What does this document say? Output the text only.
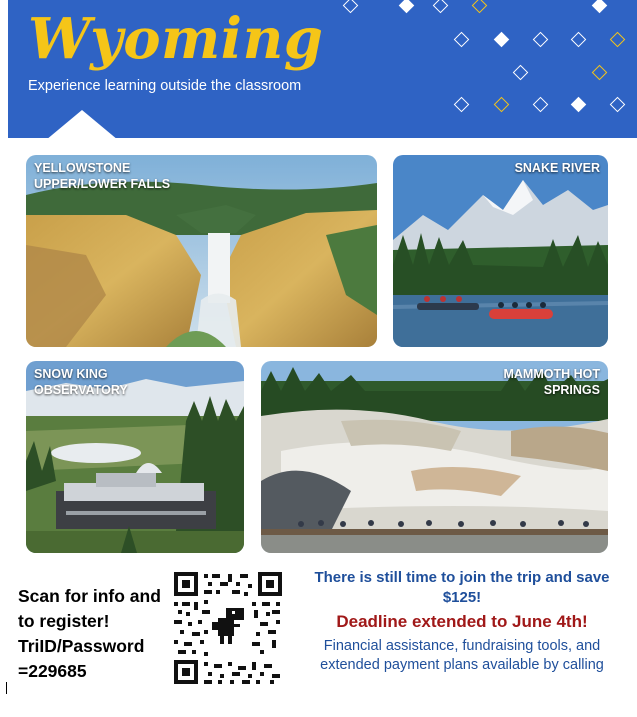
Wyoming
Experience learning outside the classroom
YELLOWSTONE UPPER/LOWER FALLS
SNAKE RIVER
SNOW KING OBSERVATORY
MAMMOTH HOT SPRINGS
Scan for info and to register! TriID/Password =229685
There is still time to join the trip and save $125!
Deadline extended to June 4th!
Financial assistance, fundraising tools, and extended payment plans available by calling
